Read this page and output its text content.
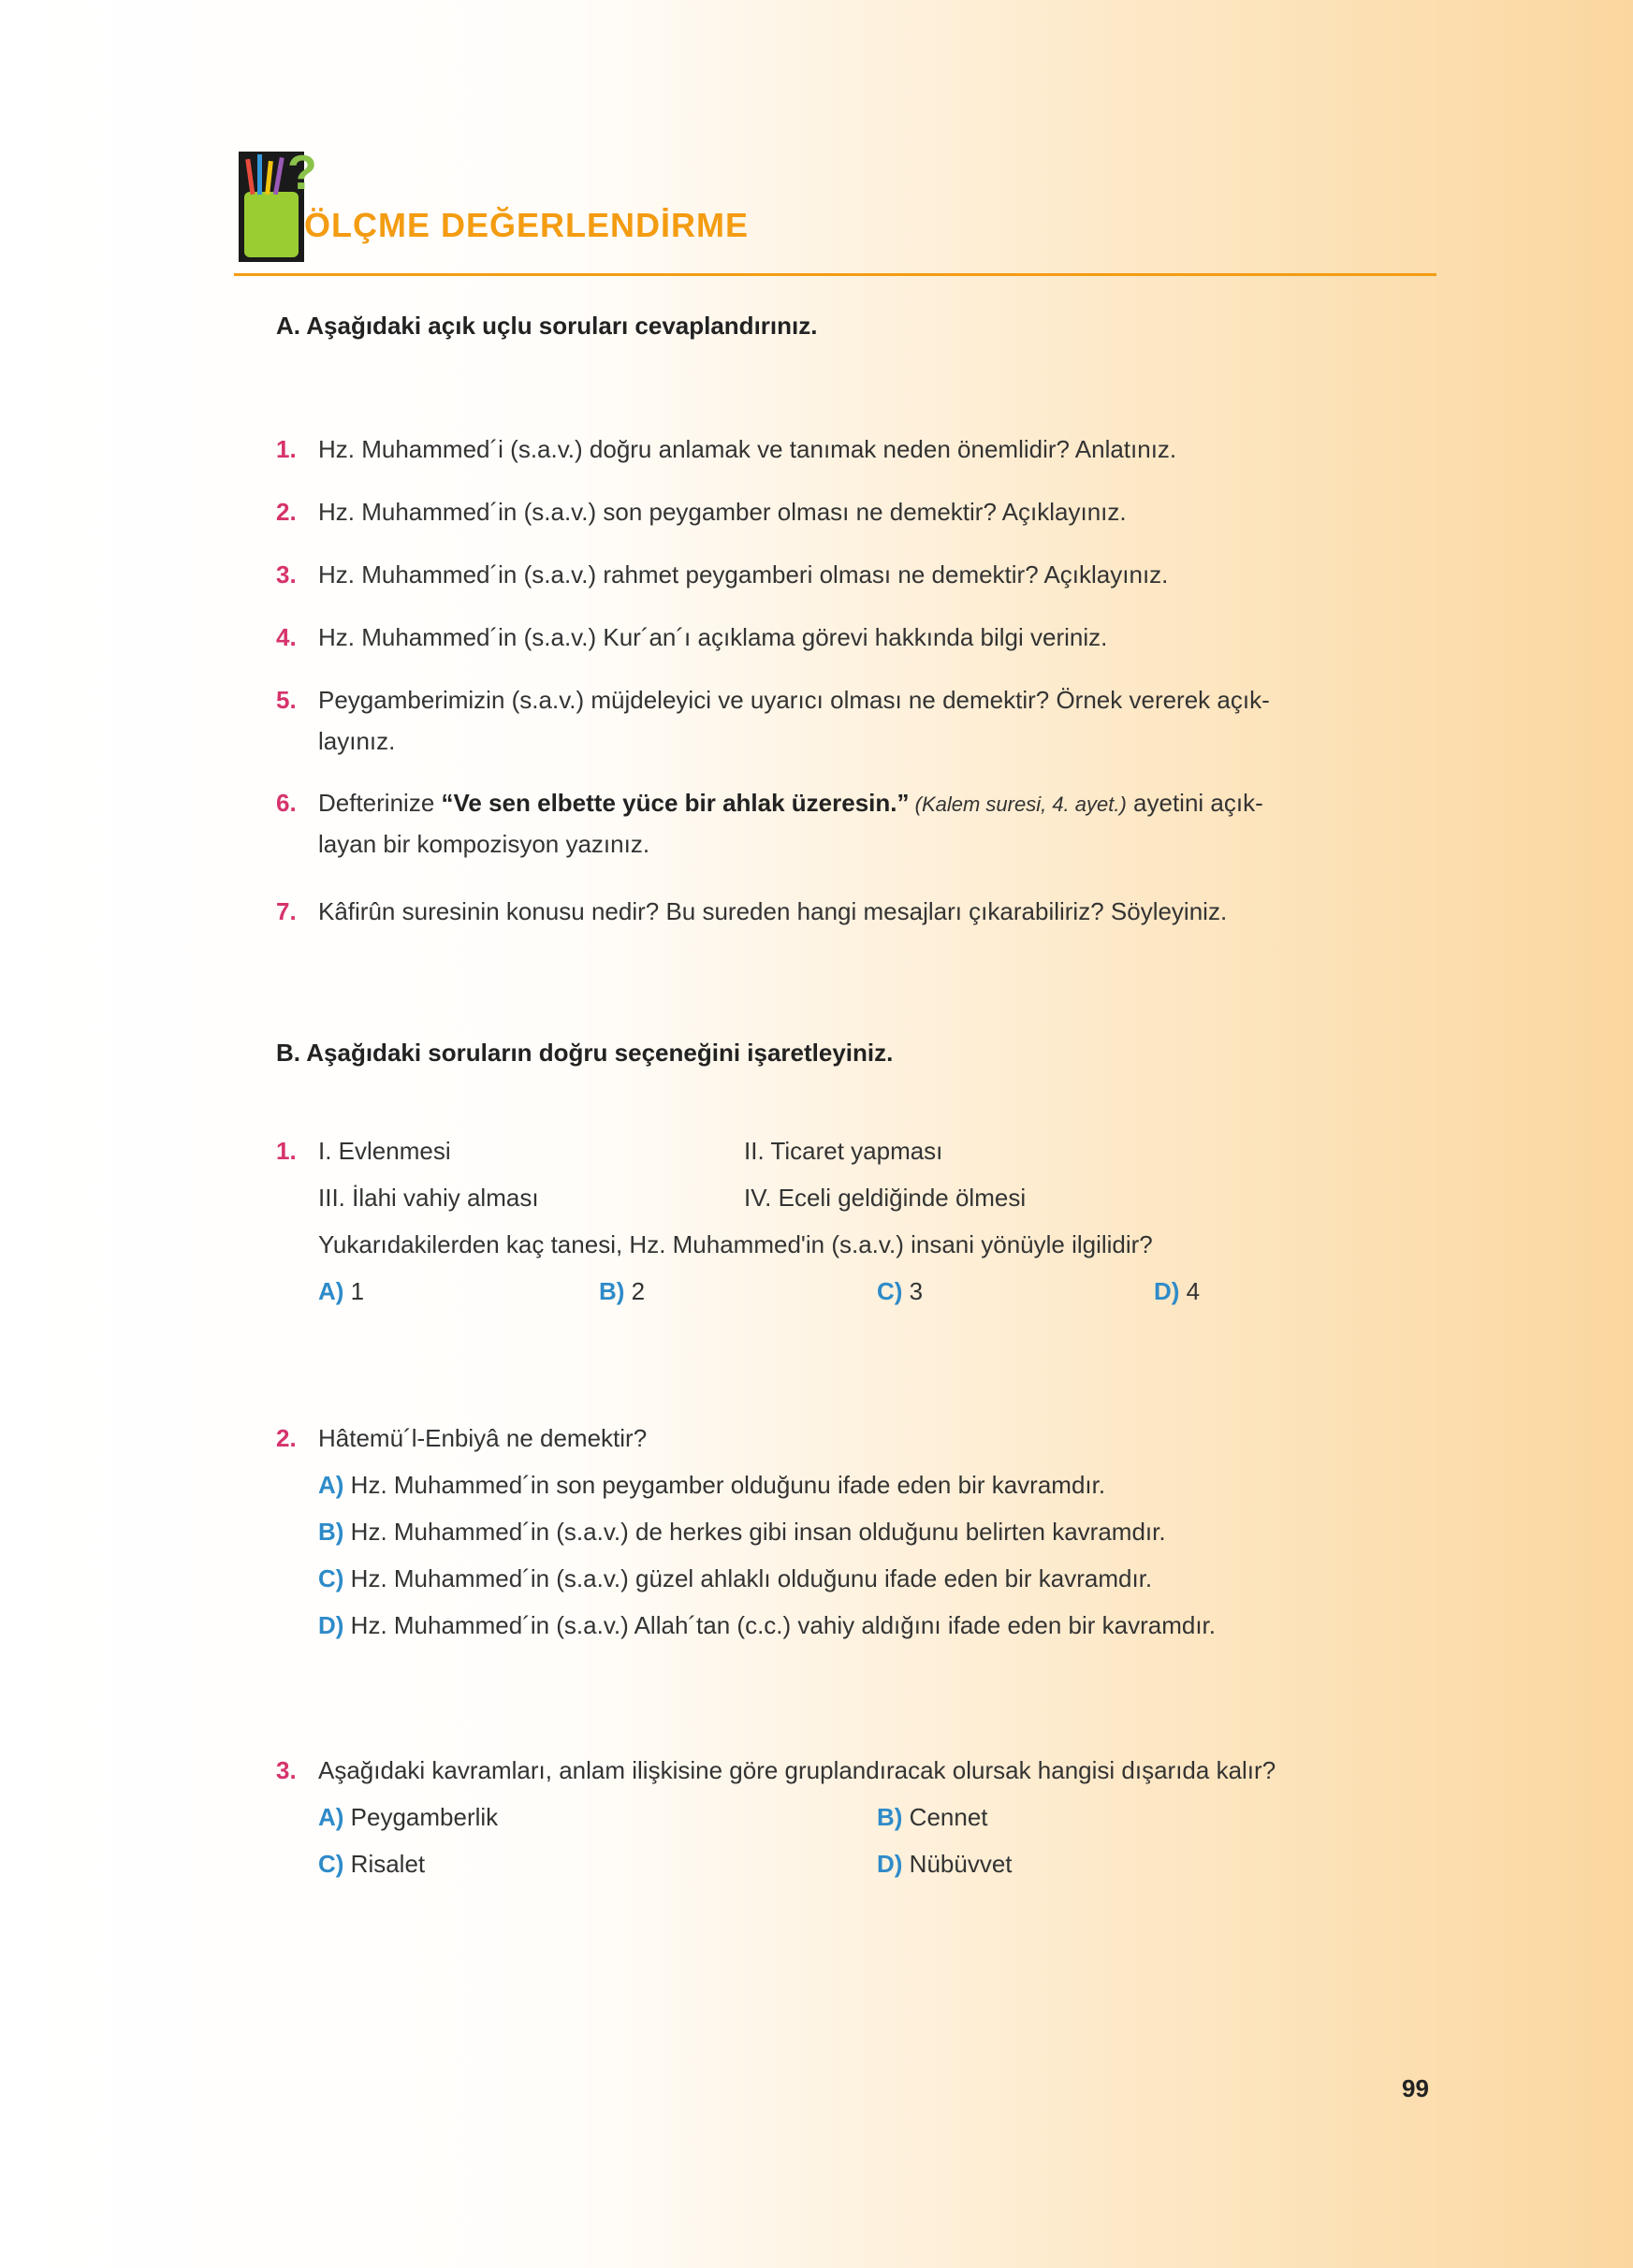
?
ÖLÇME DEĞERLENDİRME
A. Aşağıdaki açık uçlu soruları cevaplandırınız.
1. Hz. Muhammed´i (s.a.v.) doğru anlamak ve tanımak neden önemlidir? Anlatınız.
2. Hz. Muhammed´in (s.a.v.) son peygamber olması ne demektir? Açıklayınız.
3. Hz. Muhammed´in (s.a.v.) rahmet peygamberi olması ne demektir? Açıklayınız.
4. Hz. Muhammed´in (s.a.v.) Kur´an´ı açıklama görevi hakkında bilgi veriniz.
5. Peygamberimizin (s.a.v.) müjdeleyici ve uyarıcı olması ne demektir? Örnek vererek açık-
layınız.
6. Defterinize “Ve sen elbette yüce bir ahlak üzeresin.” (Kalem suresi, 4. ayet.) ayetini açık-
layan bir kompozisyon yazınız.
7. Kâfirûn suresinin konusu nedir? Bu sureden hangi mesajları çıkarabiliriz? Söyleyiniz.
B. Aşağıdaki soruların doğru seçeneğini işaretleyiniz.
1. I. Evlenmesi	II. Ticaret yapması
III. İlahi vahiy alması	IV. Eceli geldiğinde ölmesi
Yukarıdakilerden kaç tanesi, Hz. Muhammed'in (s.a.v.) insani yönüyle ilgilidir?
A) 1	B) 2	C) 3	D) 4
2. Hâtemü´l-Enbiyâ ne demektir?
A) Hz. Muhammed´in son peygamber olduğunu ifade eden bir kavramdır.
B) Hz. Muhammed´in (s.a.v.) de herkes gibi insan olduğunu belirten kavramdır.
C) Hz. Muhammed´in (s.a.v.) güzel ahlaklı olduğunu ifade eden bir kavramdır.
D) Hz. Muhammed´in (s.a.v.) Allah´tan (c.c.) vahiy aldığını ifade eden bir kavramdır.
3. Aşağıdaki kavramları, anlam ilişkisine göre gruplandıracak olursak hangisi dışarıda kalır?
A) Peygamberlik	B) Cennet
C) Risalet	D) Nübüvvet
99
